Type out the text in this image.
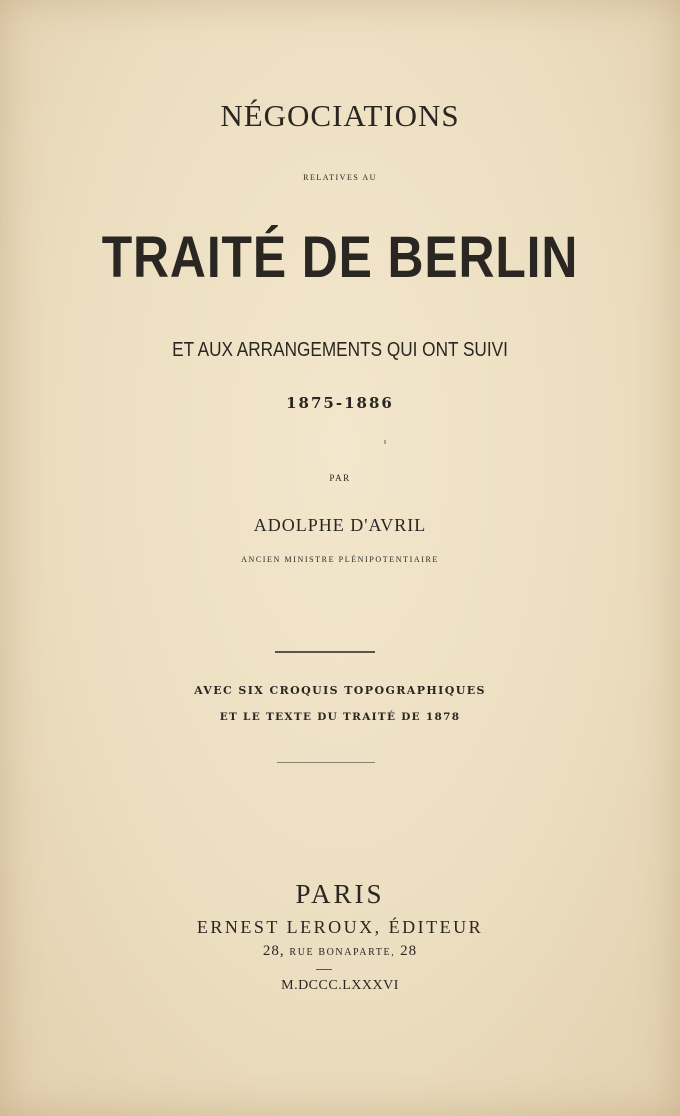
NÉGOCIATIONS
RELATIVES AU
TRAITÉ DE BERLIN
ET AUX ARRANGEMENTS QUI ONT SUIVI
1875-1886
PAR
ADOLPHE D'AVRIL
ANCIEN MINISTRE PLÉNIPOTENTIAIRE
AVEC SIX CROQUIS TOPOGRAPHIQUES
ET LE TEXTE DU TRAITÉ DE 1878
PARIS
ERNEST LEROUX, ÉDITEUR
28, RUE BONAPARTE, 28
M.DCCC.LXXXVI
